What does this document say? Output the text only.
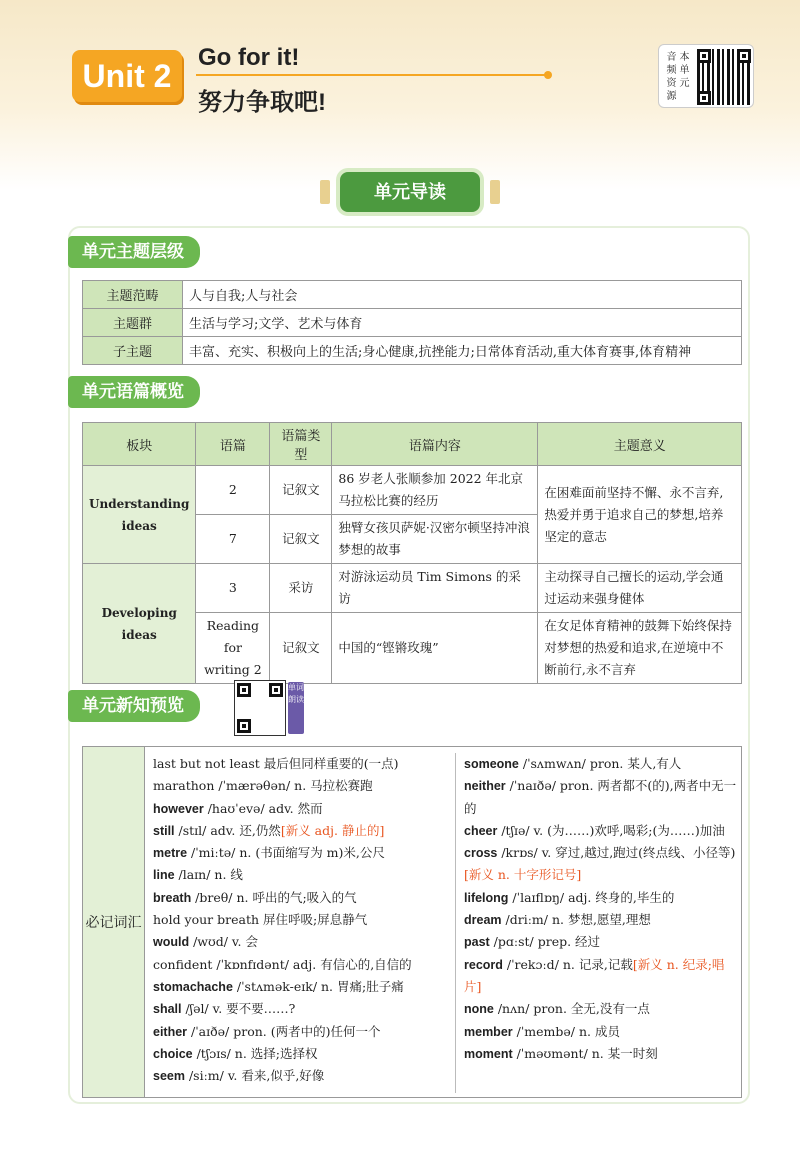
Unit 2
Go for it!
努力争取吧!
音 本
频 单
资 元
源
单元导读
单元主题层级
主题范畴	人与自我;人与社会
主题群	生活与学习;文学、艺术与体育
子主题	丰富、充实、积极向上的生活;身心健康,抗挫能力;日常体育活动,重大体育赛事,体育精神
单元语篇概览
板块	语篇	语篇类型	语篇内容	主题意义
Understanding ideas	2	记叙文	86 岁老人张顺参加 2022 年北京马拉松比赛的经历	在困难面前坚持不懈、永不言弃,热爱并勇于追求自己的梦想,培养坚定的意志
	7	记叙文	独臂女孩贝萨妮·汉密尔顿坚持冲浪梦想的故事	
Developing ideas	3	采访	对游泳运动员 Tim Simons 的采访	主动探寻自己擅长的运动,学会通过运动来强身健体
	Reading for writing 2	记叙文	中国的“铿锵玫瑰”	在女足体育精神的鼓舞下始终保持对梦想的热爱和追求,在逆境中不断前行,永不言弃
单元新知预览
单词朗读
必记词汇
last but not least 最后但同样重要的(一点)
marathon /ˈmærəθən/ n. 马拉松赛跑
however /haʊˈevə/ adv. 然而
still /stɪl/ adv. 还,仍然[新义 adj. 静止的]
metre /ˈmiːtə/ n. (书面缩写为 m)米,公尺
line /laɪn/ n. 线
breath /breθ/ n. 呼出的气;吸入的气
hold your breath 屏住呼吸;屏息静气
would /wʊd/ v. 会
confident /ˈkɒnfɪdənt/ adj. 有信心的,自信的
stomachache /ˈstʌmək-eɪk/ n. 胃痛;肚子痛
shall /ʃəl/ v. 要不要……?
either /ˈaɪðə/ pron. (两者中的)任何一个
choice /tʃɔɪs/ n. 选择;选择权
seem /siːm/ v. 看来,似乎,好像
someone /ˈsʌmwʌn/ pron. 某人,有人
neither /ˈnaɪðə/ pron. 两者都不(的),两者中无一的
cheer /tʃɪə/ v. (为……)欢呼,喝彩;(为……)加油
cross /krɒs/ v. 穿过,越过,跑过(终点线、小径等)[新义 n. 十字形记号]
lifelong /ˈlaɪflɒŋ/ adj. 终身的,毕生的
dream /driːm/ n. 梦想,愿望,理想
past /pɑːst/ prep. 经过
record /ˈrekɔːd/ n. 记录,记载[新义 n. 纪录;唱片]
none /nʌn/ pron. 全无,没有一点
member /ˈmembə/ n. 成员
moment /ˈməʊmənt/ n. 某一时刻
